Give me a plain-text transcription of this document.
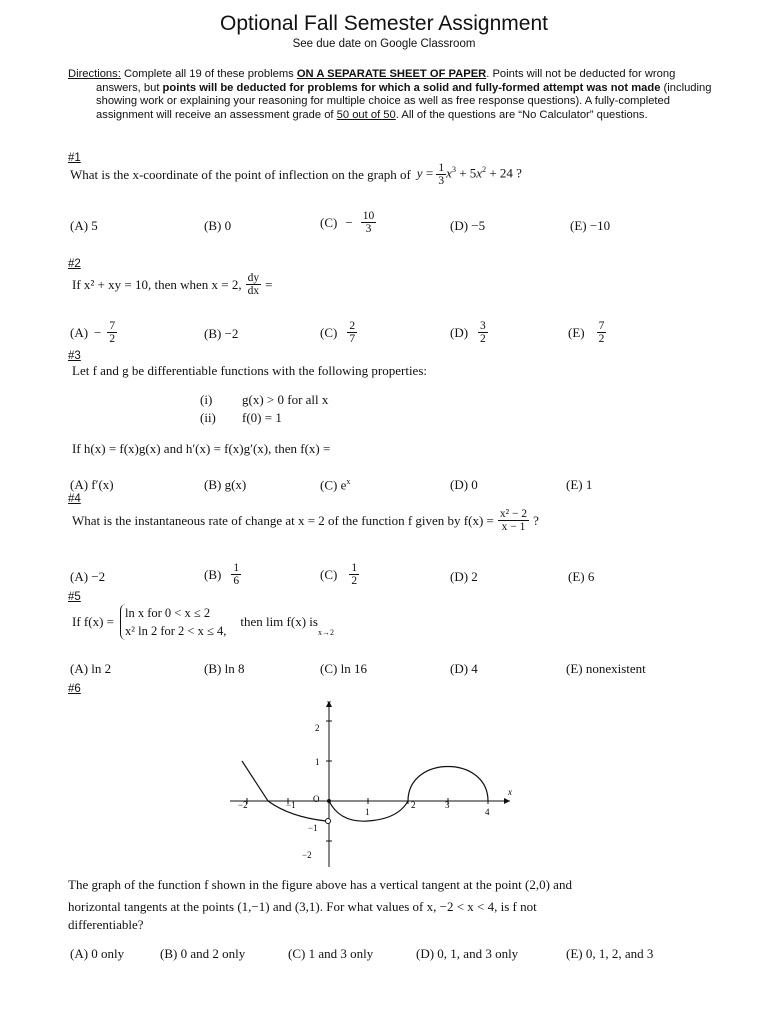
Optional Fall Semester Assignment
See due date on Google Classroom

Directions: Complete all 19 of these problems ON A SEPARATE SHEET OF PAPER. Points will not be deducted for wrong answers, but points will be deducted for problems for which a solid and fully-formed attempt was not made (including showing work or explaining your reasoning for multiple choice as well as free response questions). A fully-completed assignment will receive an assessment grade of 50 out of 50. All of the questions are “No Calculator” questions.

#1
What is the x-coordinate of the point of inflection on the graph of $y = \frac{1}{3} x^3 + 5x^2 + 24$ ?
(A) 5	(B) 0	$(C) - \frac{10}{3}$	(D) −5	(E) −10
#2
If x² + xy = 10, then when x = 2, $\frac{dy}{dx}$ =
$(A) - \frac{7}{2}$	(B) −2	$(C) \frac{2}{7}$	$(D) \frac{3}{2}$	$(E) \frac{7}{2}$
#3
Let f and g be differentiable functions with the following properties:
(i) g(x) > 0 for all x
(ii) f(0) = 1
If h(x) = f(x)g(x) and h′(x) = f(x)g′(x), then f(x) =
(A) f′(x)	(B) g(x)	(C) $e^x$	(D) 0	(E) 1
#4
What is the instantaneous rate of change at x = 2 of the function f given by $f(x) = \frac{\text{x² − 2}}{x - 1}$ ?
(A) −2	$(B) \frac{1}{6}$	$(C) \frac{1}{2}$	(D) 2	(E) 6
#5
If f(x) =
ln x for 0 < x ≤ 2
x² ln 2 for 2 < x ≤ 4,
then lim f(x) is
x→2
(A) ln 2	(B) ln 8	(C) ln 16	(D) 4	(E) nonexistent
#6
x
y
−2	−1
O
1
2	3
4
2
1
−1
−2
The graph of the function f shown in the figure above has a vertical tangent at the point (2,0) and
horizontal tangents at the points (1,−1) and (3,1). For what values of x, −2 < x < 4, is f not
differentiable?
(A) 0 only	(B) 0 and 2 only	(C) 1 and 3 only	(D) 0, 1, and 3 only	(E) 0, 1, 2, and 3
